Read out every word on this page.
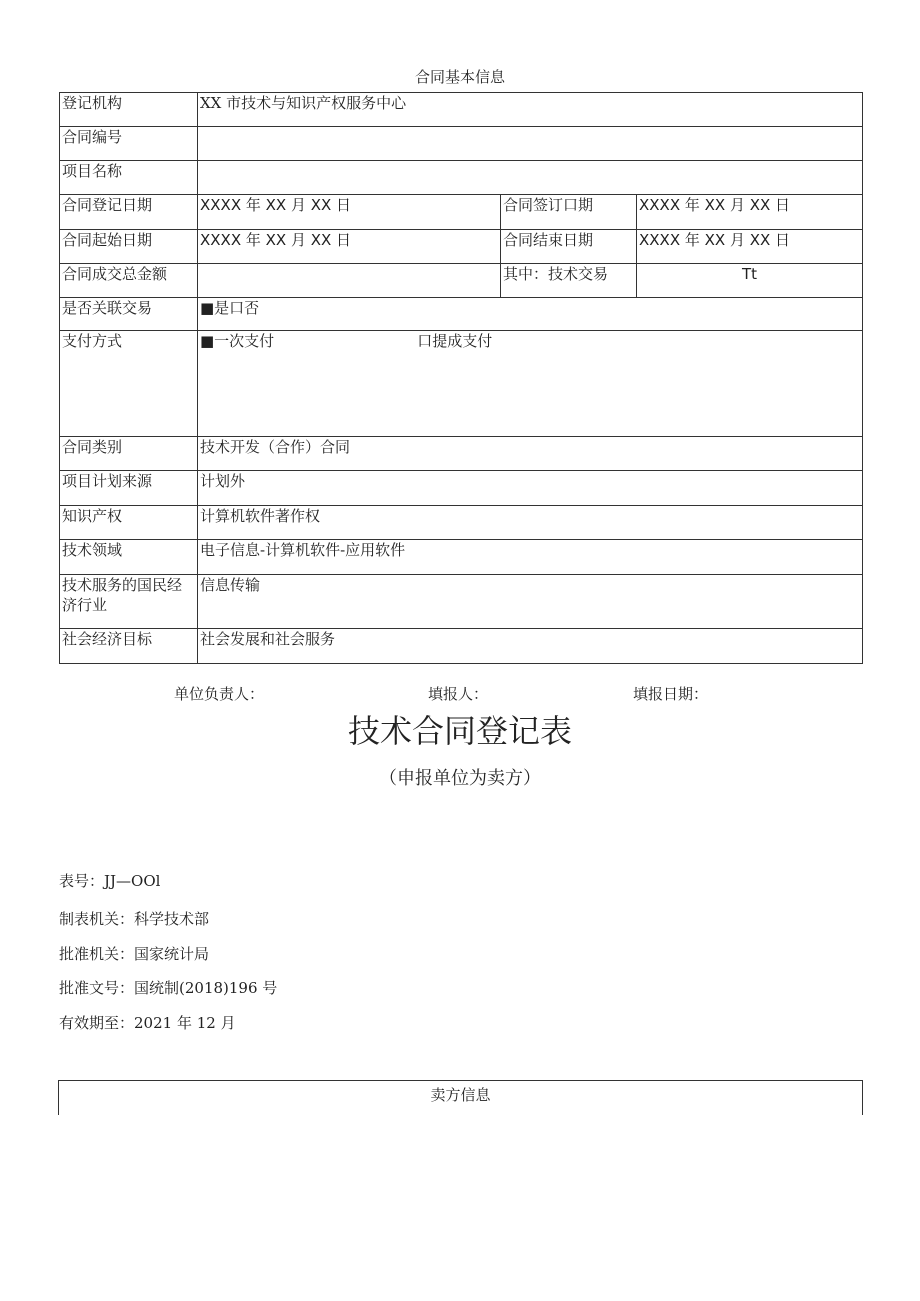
合同基本信息
登记机构	XX 市技术与知识产权服务中心		
合同编号			
项目名称			
合同登记日期	XXXX 年 XX 月 XX 日	合同签订口期	XXXX 年 XX 月 XX 日
合同起始日期	XXXX 年 XX 月 XX 日	合同结束日期	XXXX 年 XX 月 XX 日
合同成交总金额		其中：技术交易	Tt
是否关联交易	■是口否		
支付方式	■一次支付 口提成支付		

合同类别	技术开发（合作）合同		
项目计划来源	计划外		
知识产权	计算机软件著作权		
技术领域	电子信息-计算机软件-应用软件		
技术服务的国民经济行业	信息传输		
社会经济目标	社会发展和社会服务		
单位负责人：	填报人：	填报日期：
技术合同登记表
（申报单位为卖方）
表号：JJ—OOl
制表机关：科学技术部
批准机关：国家统计局
批准文号：国统制(2018)196 号
有效期至：2021 年 12 月
卖方信息
